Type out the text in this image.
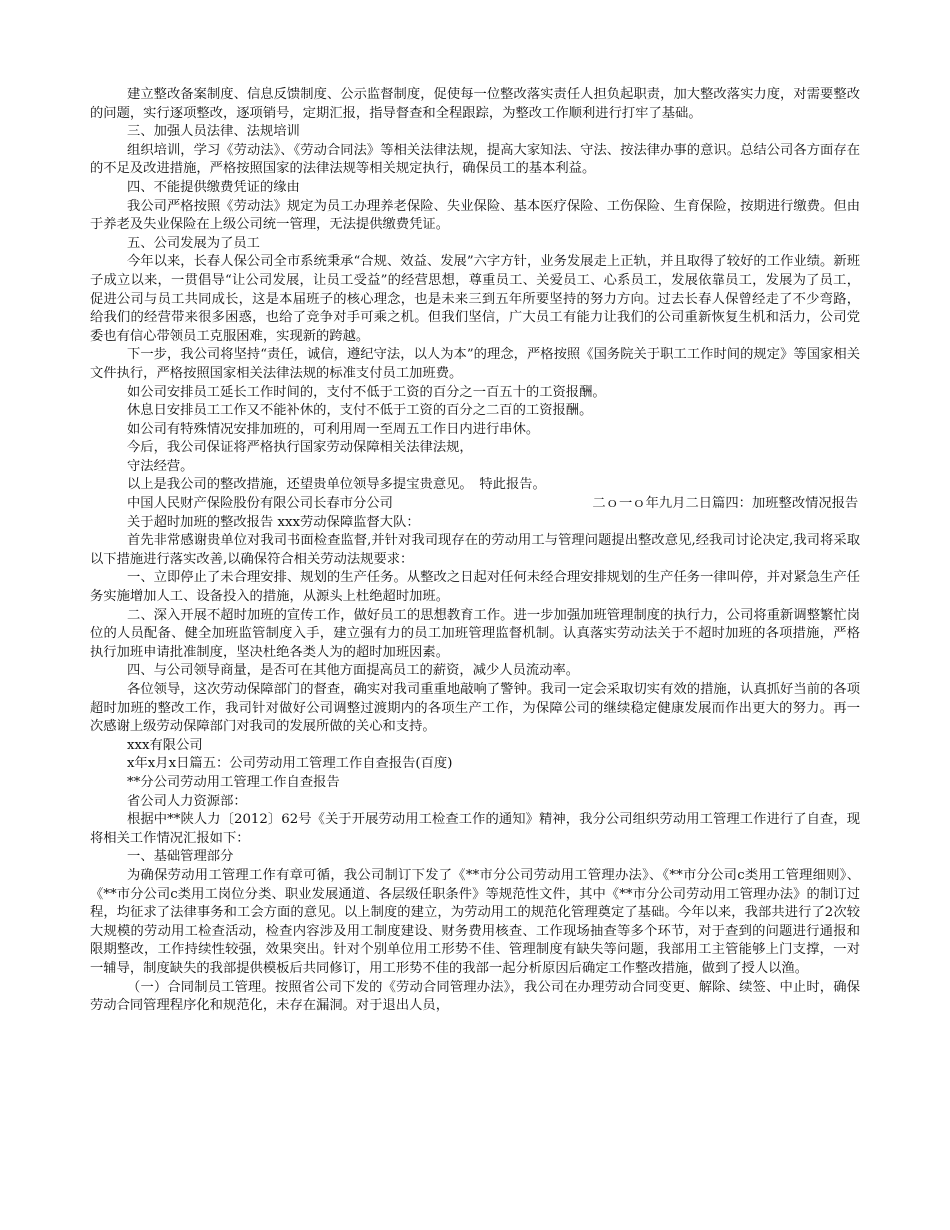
建立整改备案制度、信息反馈制度、公示监督制度，促使每一位整改落实责任人担负起职责，加大整改落实力度，对需要整改的问题，实行逐项整改，逐项销号，定期汇报，指导督查和全程跟踪，为整改工作顺利进行打牢了基础。

三、加强人员法律、法规培训

组织培训，学习《劳动法》、《劳动合同法》等相关法律法规，提高大家知法、守法、按法律办事的意识。总结公司各方面存在的不足及改进措施，严格按照国家的法律法规等相关规定执行，确保员工的基本利益。

四、不能提供缴费凭证的缘由

我公司严格按照《劳动法》规定为员工办理养老保险、失业保险、基本医疗保险、工伤保险、生育保险，按期进行缴费。但由于养老及失业保险在上级公司统一管理，无法提供缴费凭证。

五、公司发展为了员工

今年以来，长春人保公司全市系统秉承“合规、效益、发展”六字方针，业务发展走上正轨，并且取得了较好的工作业绩。新班子成立以来，一贯倡导“让公司发展，让员工受益”的经营思想，尊重员工、关爱员工、心系员工，发展依靠员工，发展为了员工，促进公司与员工共同成长，这是本届班子的核心理念，也是未来三到五年所要坚持的努力方向。过去长春人保曾经走了不少弯路，给我们的经营带来很多困惑，也给了竞争对手可乘之机。但我们坚信，广大员工有能力让我们的公司重新恢复生机和活力，公司党委也有信心带领员工克服困难，实现新的跨越。

下一步，我公司将坚持“责任，诚信，遵纪守法，以人为本”的理念，严格按照《国务院关于职工工作时间的规定》等国家相关文件执行，严格按照国家相关法律法规的标准支付员工加班费。

如公司安排员工延长工作时间的，支付不低于工资的百分之一百五十的工资报酬。

休息日安排员工工作又不能补休的，支付不低于工资的百分之二百的工资报酬。

如公司有特殊情况安排加班的，可利用周一至周五工作日内进行串休。

今后，我公司保证将严格执行国家劳动保障相关法律法规，

守法经营。

以上是我公司的整改措施，还望贵单位领导多提宝贵意见。　特此报告。

中国人民财产保险股份有限公司长春市分公司　　　　　　　　　　　　　　　二ｏ一ｏ年九月二日篇四：加班整改情况报告

关于超时加班的整改报告 xxx劳动保障监督大队：

首先非常感谢贵单位对我司书面检查监督,并针对我司现存在的劳动用工与管理问题提出整改意见,经我司讨论决定,我司将采取以下措施进行落实改善,以确保符合相关劳动法规要求：

一、立即停止了未合理安排、规划的生产任务。从整改之日起对任何未经合理安排规划的生产任务一律叫停，并对紧急生产任务实施增加人工、设备投入的措施，从源头上杜绝超时加班。

二、深入开展不超时加班的宣传工作，做好员工的思想教育工作。进一步加强加班管理制度的执行力，公司将重新调整繁忙岗位的人员配备、健全加班监管制度入手，建立强有力的员工加班管理监督机制。认真落实劳动法关于不超时加班的各项措施，严格执行加班申请批准制度，坚决杜绝各类人为的超时加班因素。

四、与公司领导商量，是否可在其他方面提高员工的薪资，减少人员流动率。

各位领导，这次劳动保障部门的督查，确实对我司重重地敲响了警钟。我司一定会采取切实有效的措施，认真抓好当前的各项超时加班的整改工作，我司针对做好公司调整过渡期内的各项生产工作，为保障公司的继续稳定健康发展而作出更大的努力。再一次感谢上级劳动保障部门对我司的发展所做的关心和支持。

xxx有限公司

x年x月x日篇五：公司劳动用工管理工作自查报告(百度)

**分公司劳动用工管理工作自查报告

省公司人力资源部：

根据中**陕人力〔2012〕62号《关于开展劳动用工检查工作的通知》精神，我分公司组织劳动用工管理工作进行了自查，现将相关工作情况汇报如下：

一、基础管理部分

为确保劳动用工管理工作有章可循，我公司制订下发了《**市分公司劳动用工管理办法》、《**市分公司c类用工管理细则》、《**市分公司c类用工岗位分类、职业发展通道、各层级任职条件》等规范性文件，其中《**市分公司劳动用工管理办法》的制订过程，均征求了法律事务和工会方面的意见。以上制度的建立，为劳动用工的规范化管理奠定了基础。今年以来，我部共进行了2次较大规模的劳动用工检查活动，检查内容涉及用工制度建设、财务费用核查、工作现场抽查等多个环节，对于查到的问题进行通报和限期整改，工作持续性较强，效果突出。针对个别单位用工形势不佳、管理制度有缺失等问题，我部用工主管能够上门支撑，一对一辅导，制度缺失的我部提供模板后共同修订，用工形势不佳的我部一起分析原因后确定工作整改措施，做到了授人以渔。

（一）合同制员工管理。按照省公司下发的《劳动合同管理办法》，我公司在办理劳动合同变更、解除、续签、中止时，确保劳动合同管理程序化和规范化，未存在漏洞。对于退出人员，
